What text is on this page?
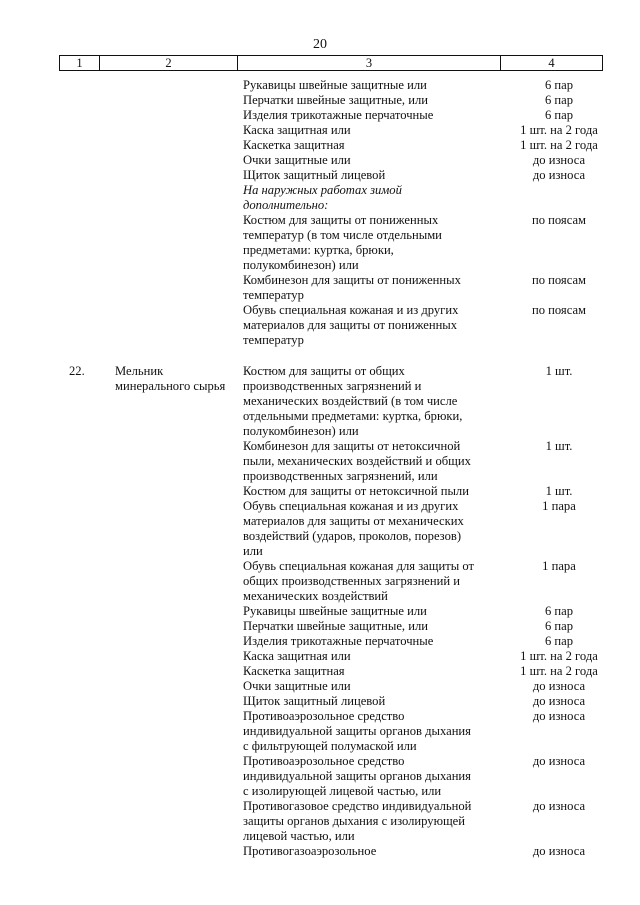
20
1	2	3	4
Рукавицы швейные защитные или	6 пар
Перчатки швейные защитные, или	6 пар
Изделия трикотажные перчаточные	6 пар
Каска защитная или	1 шт. на 2 года
Каскетка защитная	1 шт. на 2 года
Очки защитные или	до износа
Щиток защитный лицевой	до износа
На наружных работах зимой
дополнительно:
Костюм для защиты от пониженных	по поясам
температур (в том числе отдельными
предметами: куртка, брюки,
полукомбинезон) или
Комбинезон для защиты от пониженных	по поясам
температур
Обувь специальная кожаная и из других	по поясам
материалов для защиты от пониженных
температур
22.	Мельник	Костюм для защиты от общих	1 шт.
минерального сырья	производственных загрязнений и
механических воздействий (в том числе
отдельными предметами: куртка, брюки,
полукомбинезон) или
Комбинезон для защиты от нетоксичной	1 шт.
пыли, механических воздействий и общих
производственных загрязнений, или
Костюм для защиты от нетоксичной пыли	1 шт.
Обувь специальная кожаная и из других	1 пара
материалов для защиты от механических
воздействий (ударов, проколов, порезов)
или
Обувь специальная кожаная для защиты от	1 пара
общих производственных загрязнений и
механических воздействий
Рукавицы швейные защитные или	6 пар
Перчатки швейные защитные, или	6 пар
Изделия трикотажные перчаточные	6 пар
Каска защитная или	1 шт. на 2 года
Каскетка защитная	1 шт. на 2 года
Очки защитные или	до износа
Щиток защитный лицевой	до износа
Противоаэрозольное средство	до износа
индивидуальной защиты органов дыхания
с фильтрующей полумаской или
Противоаэрозольное средство	до износа
индивидуальной защиты органов дыхания
с изолирующей лицевой частью, или
Противогазовое средство индивидуальной	до износа
защиты органов дыхания с изолирующей
лицевой частью, или
Противогазоаэрозольное	до износа
